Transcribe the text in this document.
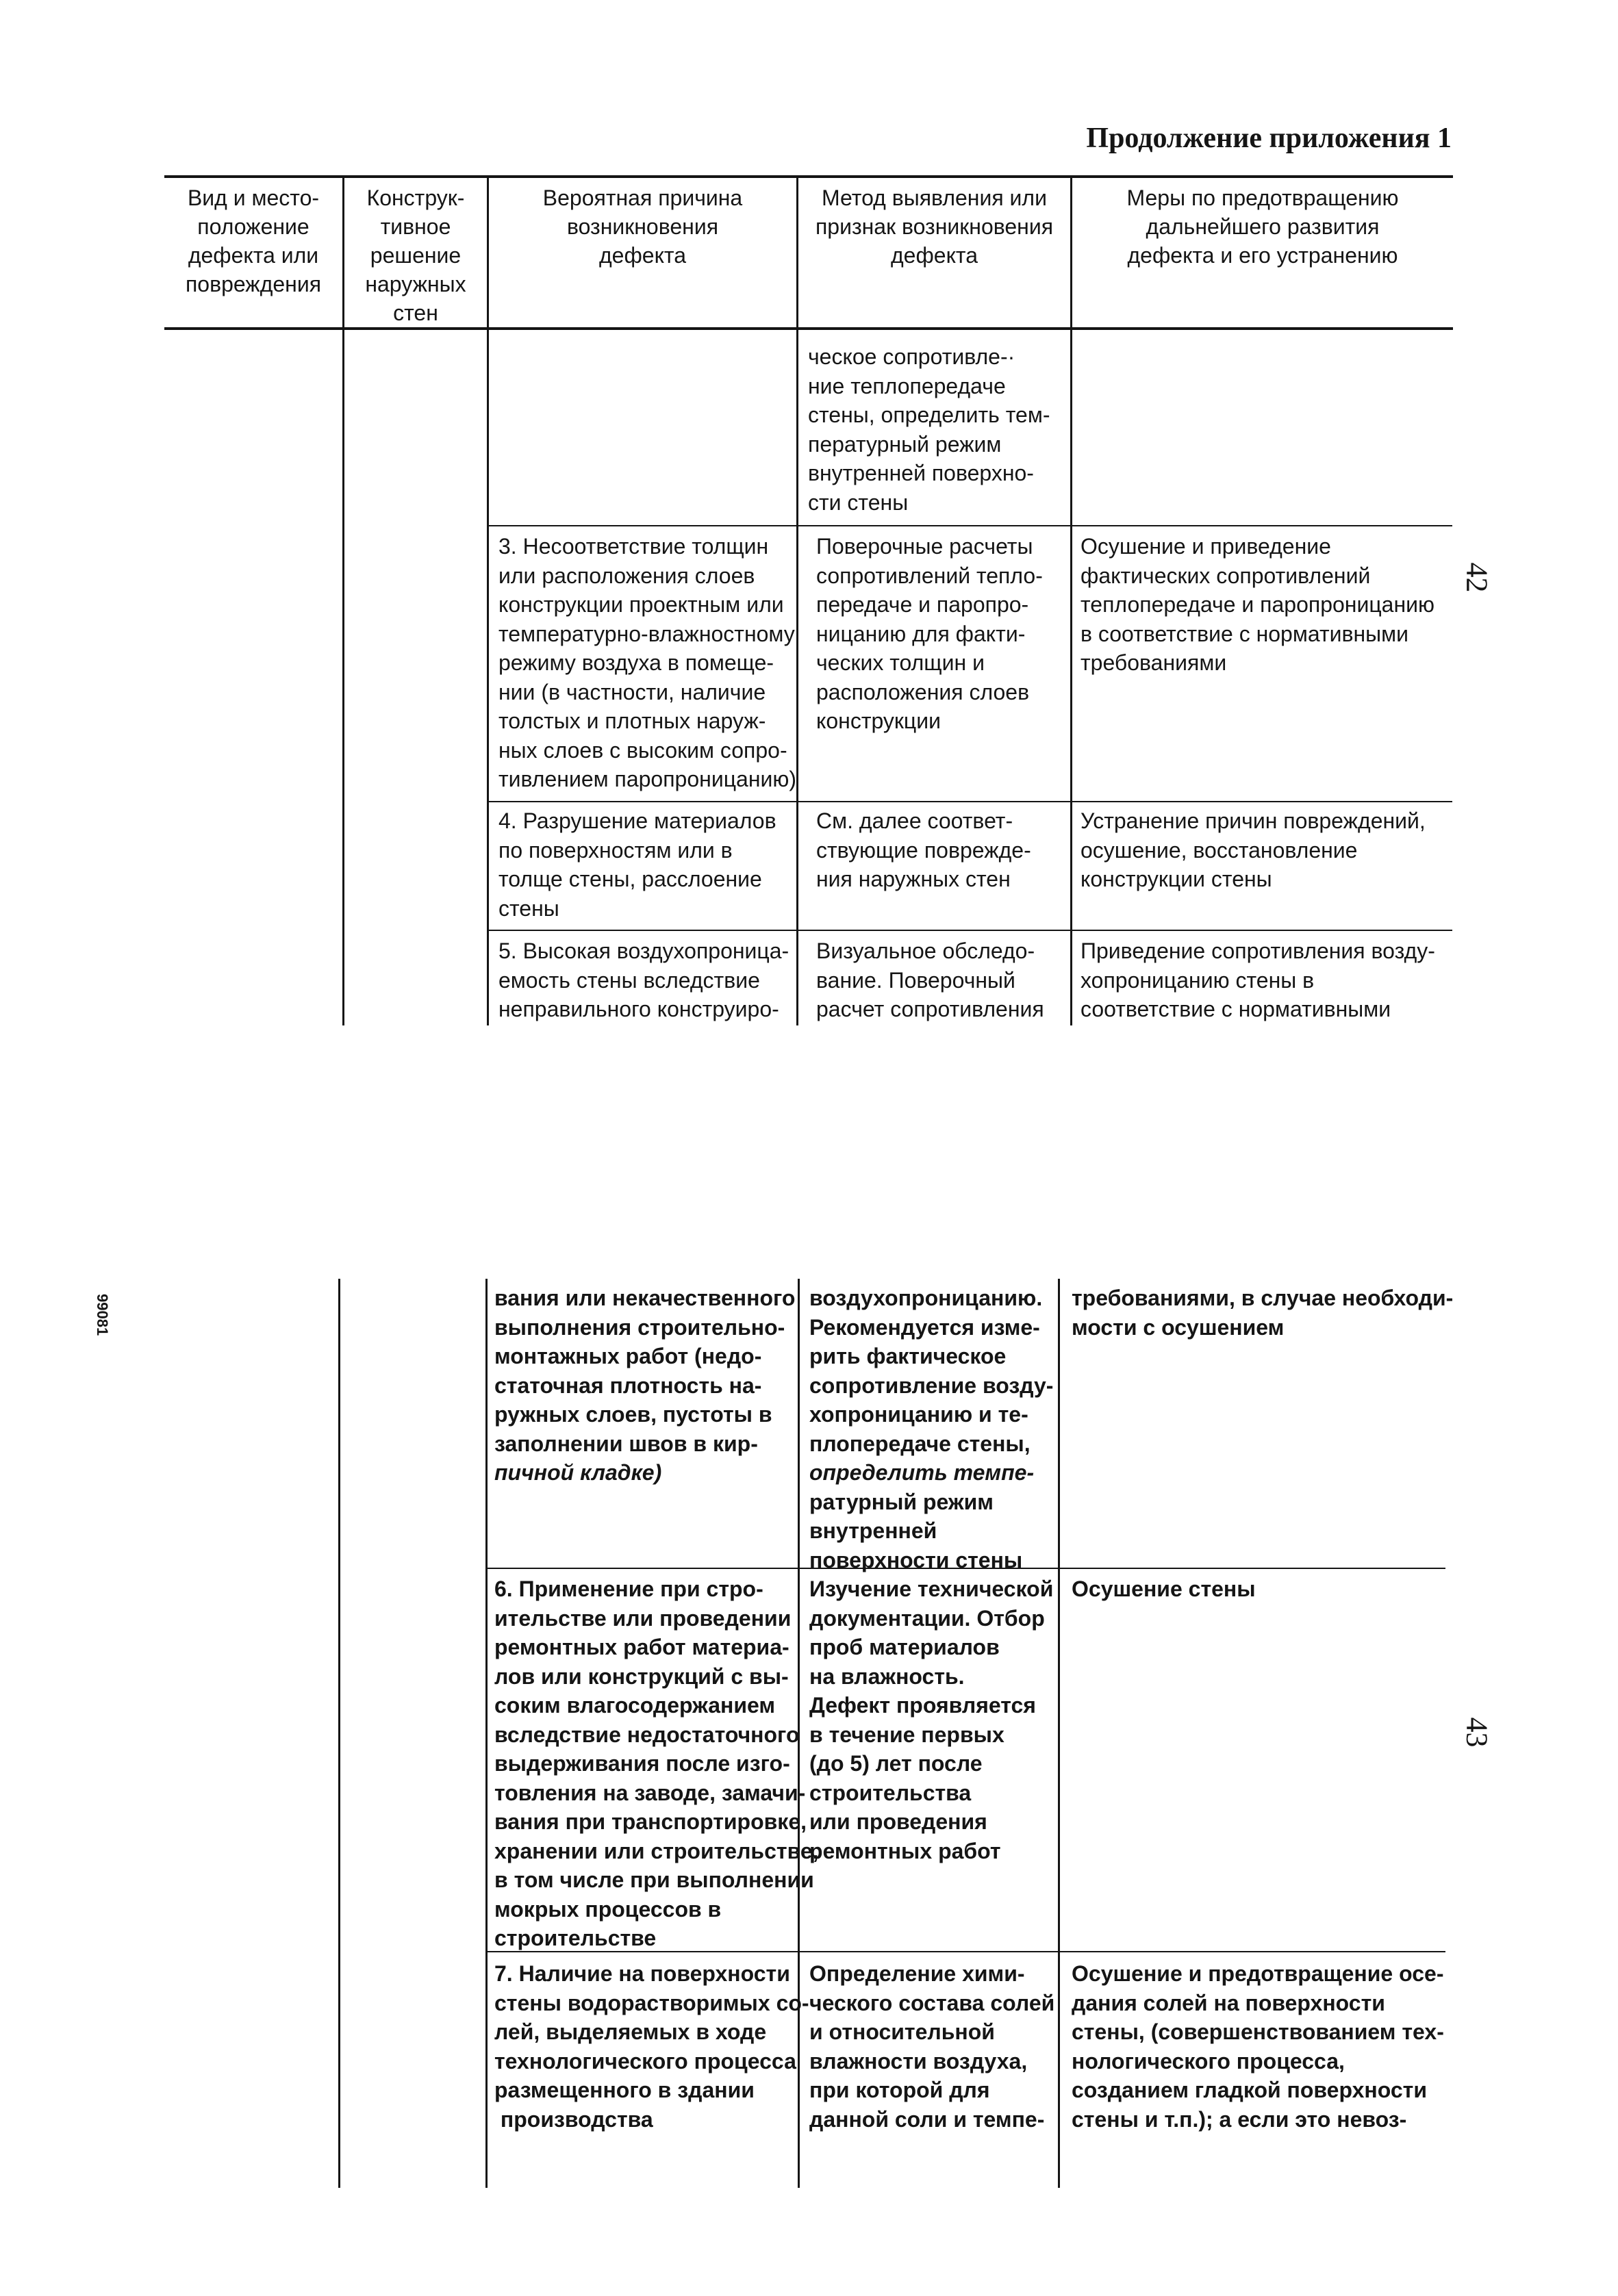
Продолжение приложения 1
Вид и место-
положение
дефекта или
повреждения
Конструк-
тивное
решение
наружных
стен
Вероятная причина
возникновения
дефекта
Метод выявления или
признак возникновения
дефекта
Меры по предотвращению
дальнейшего развития
дефекта и его устранению
ческое сопротивле-·
ние теплопередаче
стены, определить тем-
пературный режим
внутренней поверхно-
сти стены
3. Несоответствие толщин
или расположения слоев
конструкции проектным или
температурно-влажностному
режиму воздуха в помеще-
нии (в частности, наличие
толстых и плотных наруж-
ных слоев с высоким сопро-
тивлением паропроницанию)
Поверочные расчеты
сопротивлений тепло-
передаче и паропро-
ницанию для факти-
ческих толщин и
расположения слоев
конструкции
Осушение и приведение
фактических сопротивлений
теплопередаче и паропроницанию
в соответствие с нормативными
требованиями
4. Разрушение материалов
по поверхностям или в
толще стены, расслоение
стены
См. далее соответ-
ствующие поврежде-
ния наружных стен
Устранение причин повреждений,
осушение, восстановление
конструкции стены
5. Высокая воздухопроница-
емость стены вследствие
неправильного конструиро-
Визуальное обследо-
вание. Поверочный
расчет сопротивления
Приведение сопротивления возду-
хопроницанию стены в
соответствие с нормативными
42
43
99081	вания или некачественного
выполнения строительно-
монтажных работ (недо-
статочная плотность на-
ружных слоев, пустоты в
заполнении швов в кир-
пичной кладке)
воздухопроницанию.
Рекомендуется изме-
рить фактическое
сопротивление возду-
хопроницанию и те-
плопередаче стены,
определить темпе-
ратурный режим
внутренней
поверхности стены
требованиями, в случае необходи-
мости с осушением
6. Применение при стро-
ительстве или проведении
ремонтных работ материа-
лов или конструкций с вы-
соким влагосодержанием
вследствие недостаточного
выдерживания после изго-
товления на заводе, замачи-
вания при транспортировке,
хранении или строительстве,
в том числе при выполнении
мокрых процессов в
строительстве
Изучение технической
документации. Отбор
проб материалов
на влажность.
Дефект проявляется
в течение первых
(до 5) лет после
строительства
или проведения
ремонтных работ
Осушение стены
7. Наличие на поверхности
стены водорастворимых со-
лей, выделяемых в ходе
технологического процесса
размещенного в здании
производства
Определение хими-
ческого состава солей
и относительной
влажности воздуха,
при которой для
данной соли и темпе-
Осушение и предотвращение осе-
дания солей на поверхности
стены, (совершенствованием тех-
нологического процесса,
созданием гладкой поверхности
стены и т.п.); а если это невоз-
